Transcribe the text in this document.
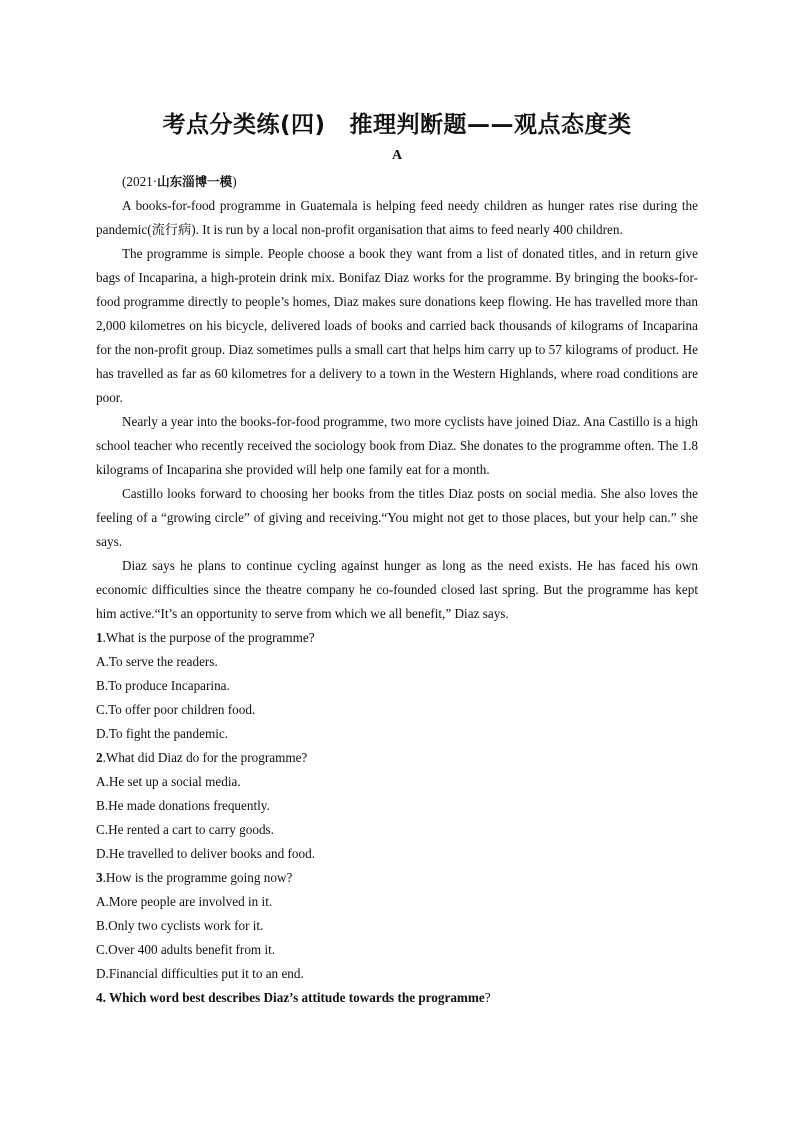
考点分类练(四) 推理判断题——观点态度类
A
(2021·山东淄博一模)
A books-for-food programme in Guatemala is helping feed needy children as hunger rates rise during the pandemic(流行病). It is run by a local non-profit organisation that aims to feed nearly 400 children.
The programme is simple. People choose a book they want from a list of donated titles, and in return give bags of Incaparina, a high-protein drink mix. Bonifaz Diaz works for the programme. By bringing the books-for-food programme directly to people’s homes, Diaz makes sure donations keep flowing. He has travelled more than 2,000 kilometres on his bicycle, delivered loads of books and carried back thousands of kilograms of Incaparina for the non-profit group. Diaz sometimes pulls a small cart that helps him carry up to 57 kilograms of product. He has travelled as far as 60 kilometres for a delivery to a town in the Western Highlands, where road conditions are poor.
Nearly a year into the books-for-food programme, two more cyclists have joined Diaz. Ana Castillo is a high school teacher who recently received the sociology book from Diaz. She donates to the programme often. The 1.8 kilograms of Incaparina she provided will help one family eat for a month.
Castillo looks forward to choosing her books from the titles Diaz posts on social media. She also loves the feeling of a “growing circle” of giving and receiving.“You might not get to those places, but your help can.” she says.
Diaz says he plans to continue cycling against hunger as long as the need exists. He has faced his own economic difficulties since the theatre company he co-founded closed last spring. But the programme has kept him active.“It’s an opportunity to serve from which we all benefit,” Diaz says.
1.What is the purpose of the programme?
A.To serve the readers.
B.To produce Incaparina.
C.To offer poor children food.
D.To fight the pandemic.
2.What did Diaz do for the programme?
A.He set up a social media.
B.He made donations frequently.
C.He rented a cart to carry goods.
D.He travelled to deliver books and food.
3.How is the programme going now?
A.More people are involved in it.
B.Only two cyclists work for it.
C.Over 400 adults benefit from it.
D.Financial difficulties put it to an end.
4. Which word best describes Diaz’s attitude towards the programme?
